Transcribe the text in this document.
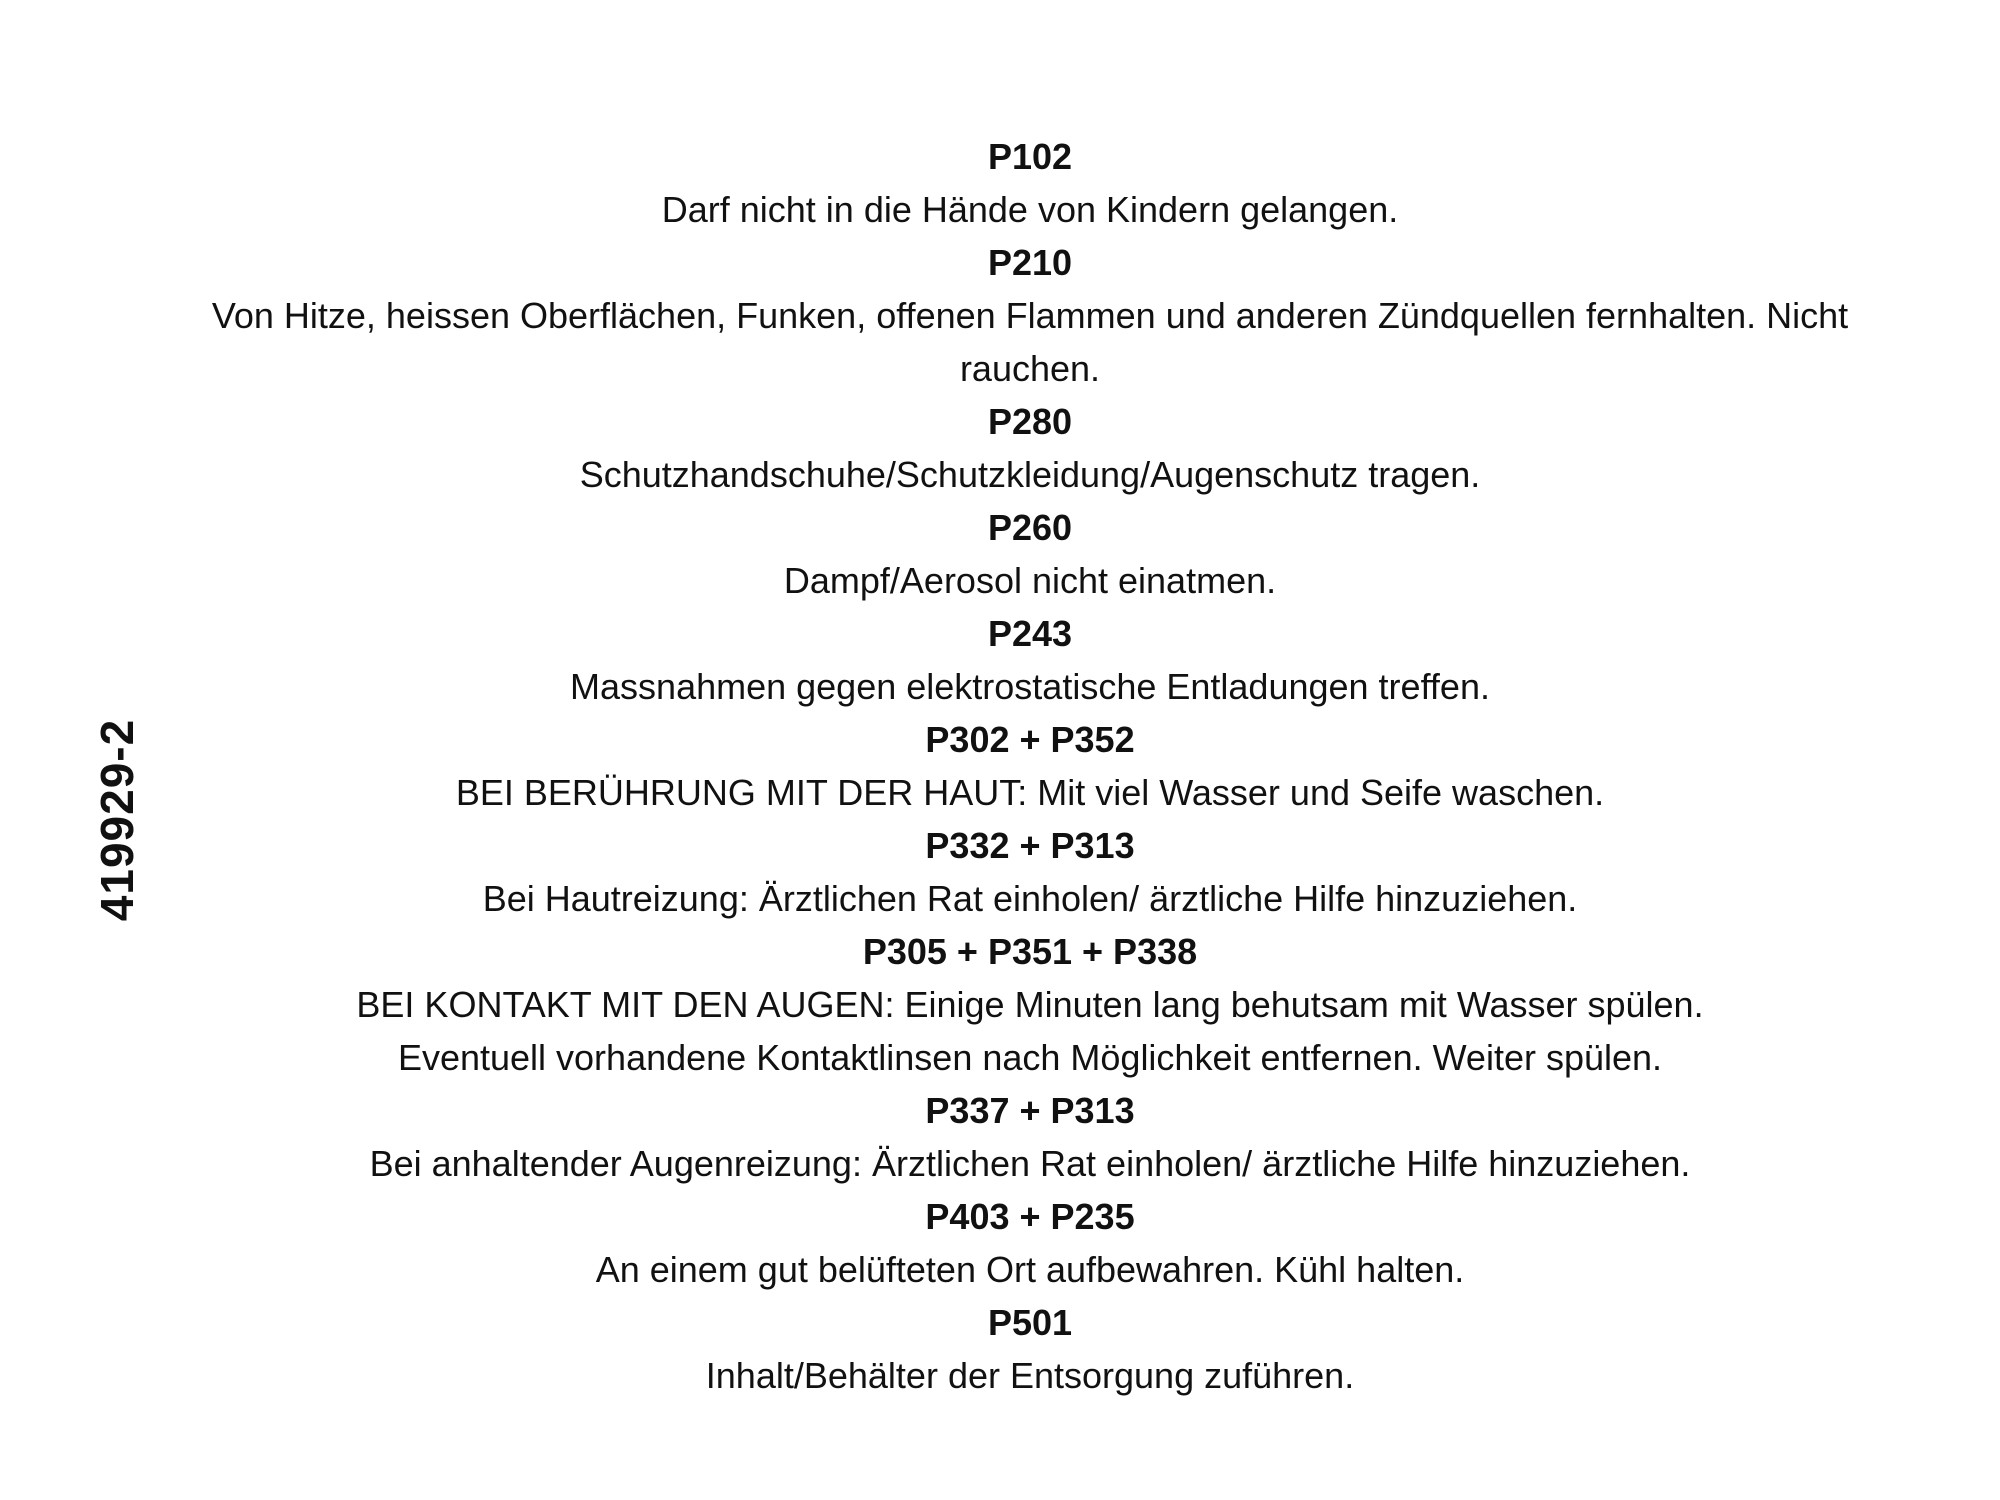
419929-2
P102
Darf nicht in die Hände von Kindern gelangen.
P210
Von Hitze, heissen Oberflächen, Funken, offenen Flammen und anderen Zündquellen fernhalten. Nicht rauchen.
P280
Schutzhandschuhe/Schutzkleidung/Augenschutz tragen.
P260
Dampf/Aerosol nicht einatmen.
P243
Massnahmen gegen elektrostatische Entladungen treffen.
P302 + P352
BEI BERÜHRUNG MIT DER HAUT: Mit viel Wasser und Seife waschen.
P332 + P313
Bei Hautreizung: Ärztlichen Rat einholen/ ärztliche Hilfe hinzuziehen.
P305 + P351 + P338
BEI KONTAKT MIT DEN AUGEN: Einige Minuten lang behutsam mit Wasser spülen. Eventuell vorhandene Kontaktlinsen nach Möglichkeit entfernen. Weiter spülen.
P337 + P313
Bei anhaltender Augenreizung: Ärztlichen Rat einholen/ ärztliche Hilfe hinzuziehen.
P403 + P235
An einem gut belüfteten Ort aufbewahren. Kühl halten.
P501
Inhalt/Behälter der Entsorgung zuführen.
